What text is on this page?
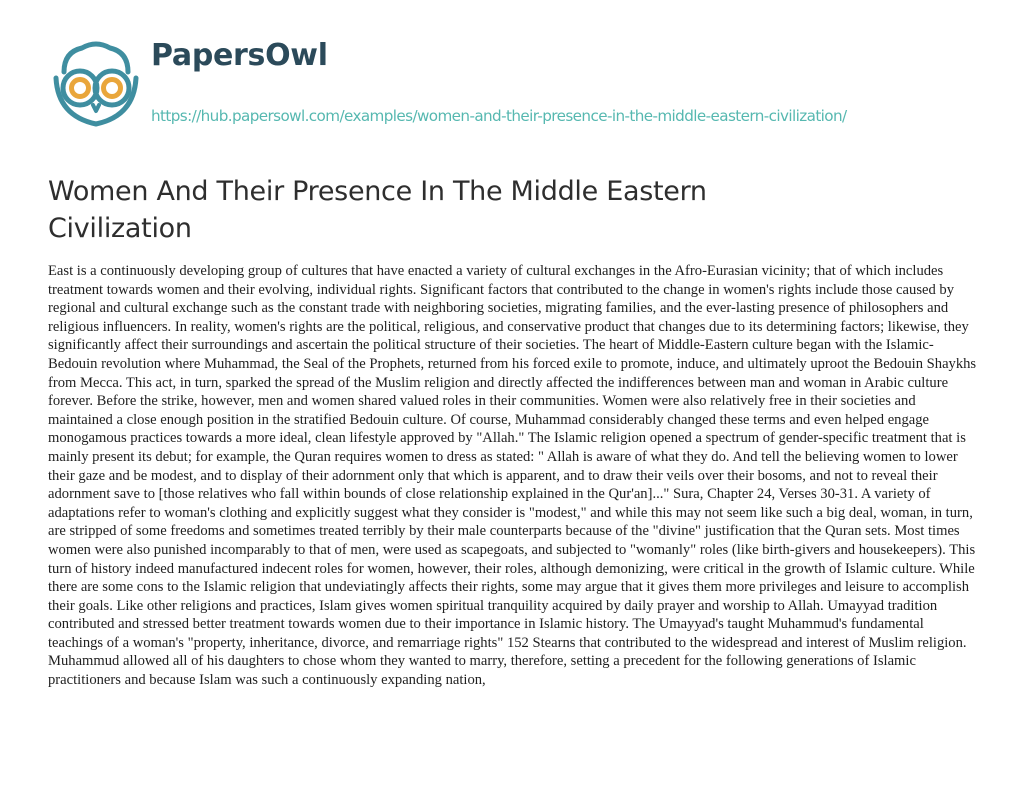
PapersOwl
https://hub.papersowl.com/examples/women-and-their-presence-in-the-middle-eastern-civilization/
Women And Their Presence In The Middle Eastern Civilization

East is a continuously developing group of cultures that have enacted a variety of cultural exchanges in the Afro-Eurasian vicinity; that of which includes treatment towards women and their evolving, individual rights. Significant factors that contributed to the change in women's rights include those caused by regional and cultural exchange such as the constant trade with neighboring societies, migrating families, and the ever-lasting presence of philosophers and religious influencers. In reality, women's rights are the political, religious, and conservative product that changes due to its determining factors; likewise, they significantly affect their surroundings and ascertain the political structure of their societies. The heart of Middle-Eastern culture began with the Islamic-Bedouin revolution where Muhammad, the Seal of the Prophets, returned from his forced exile to promote, induce, and ultimately uproot the Bedouin Shaykhs from Mecca. This act, in turn, sparked the spread of the Muslim religion and directly affected the indifferences between man and woman in Arabic culture forever. Before the strike, however, men and women shared valued roles in their communities. Women were also relatively free in their societies and maintained a close enough position in the stratified Bedouin culture. Of course, Muhammad considerably changed these terms and even helped engage monogamous practices towards a more ideal, clean lifestyle approved by "Allah." The Islamic religion opened a spectrum of gender-specific treatment that is mainly present its debut; for example, the Quran requires women to dress as stated: " Allah is aware of what they do. And tell the believing women to lower their gaze and be modest, and to display of their adornment only that which is apparent, and to draw their veils over their bosoms, and not to reveal their adornment save to [those relatives who fall within bounds of close relationship explained in the Qur'an]..." Sura, Chapter 24, Verses 30-31. A variety of adaptations refer to woman's clothing and explicitly suggest what they consider is "modest," and while this may not seem like such a big deal, woman, in turn, are stripped of some freedoms and sometimes treated terribly by their male counterparts because of the "divine" justification that the Quran sets. Most times women were also punished incomparably to that of men, were used as scapegoats, and subjected to "womanly" roles (like birth-givers and housekeepers). This turn of history indeed manufactured indecent roles for women, however, their roles, although demonizing, were critical in the growth of Islamic culture. While there are some cons to the Islamic religion that undeviatingly affects their rights, some may argue that it gives them more privileges and leisure to accomplish their goals. Like other religions and practices, Islam gives women spiritual tranquility acquired by daily prayer and worship to Allah. Umayyad tradition contributed and stressed better treatment towards women due to their importance in Islamic history. The Umayyad's taught Muhammud's fundamental teachings of a woman's "property, inheritance, divorce, and remarriage rights" 152 Stearns that contributed to the widespread and interest of Muslim religion. Muhammud allowed all of his daughters to chose whom they wanted to marry, therefore, setting a precedent for the following generations of Islamic practitioners and because Islam was such a continuously expanding nation,
